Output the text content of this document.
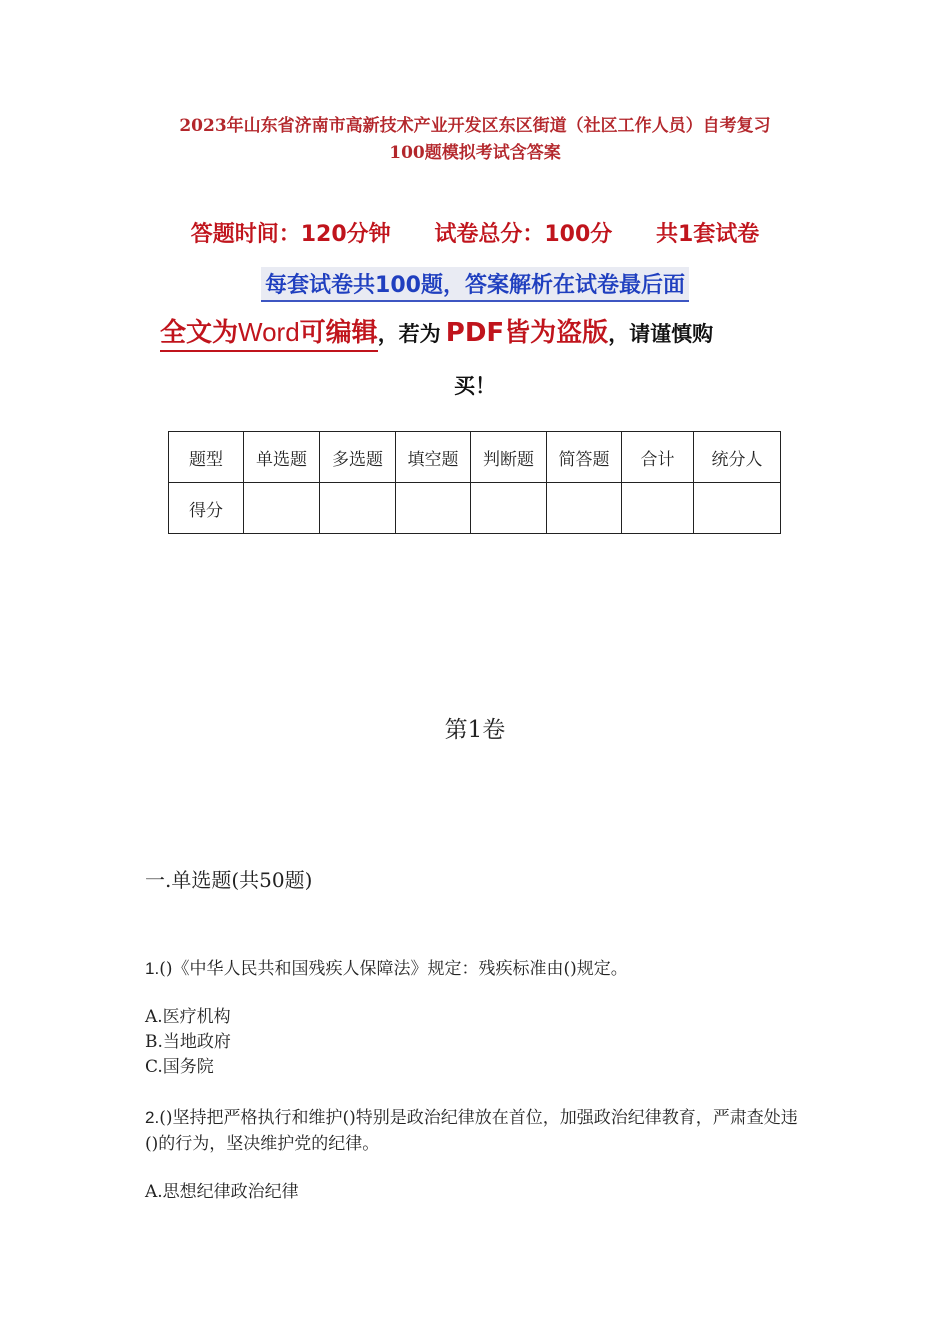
2023年山东省济南市高新技术产业开发区东区街道（社区工作人员）自考复习
100题模拟考试含答案
答题时间：120分钟 试卷总分：100分 共1套试卷
每套试卷共100题，答案解析在试卷最后面
全文为Word可编辑，若为 PDF皆为盗版，请谨慎购
买！
题型	单选题	多选题	填空题	判断题	简答题	合计	统分人
得分							
第1卷
一.单选题(共50题)
1.()《中华人民共和国残疾人保障法》规定：残疾标准由()规定。
A.医疗机构
B.当地政府
C.国务院
2.()坚持把严格执行和维护()特别是政治纪律放在首位，加强政治纪律教育，严肃查处违()的行为，坚决维护党的纪律。
A.思想纪律政治纪律
